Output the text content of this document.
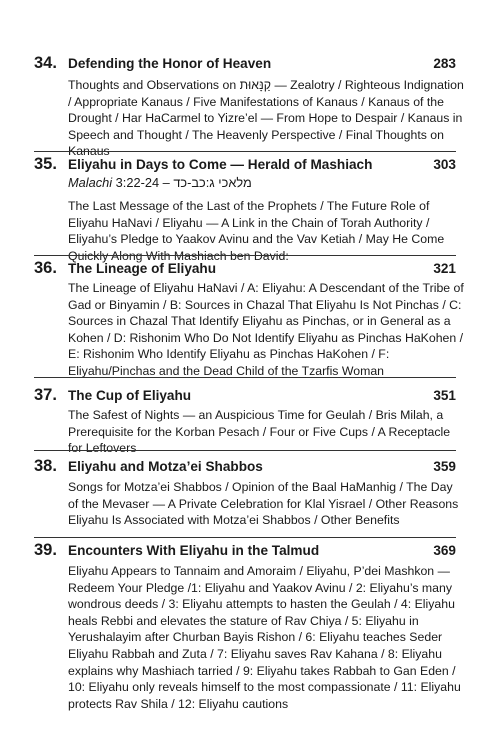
34. Defending the Honor of Heaven	283
Thoughts and Observations on קַנָּאוּת — Zealotry / Righteous Indignation / Appropriate Kanaus / Five Manifestations of Kanaus / Kanaus of the Drought / Har HaCarmel to Yizre’el — From Hope to Despair / Kanaus in Speech and Thought / The Heavenly Perspective / Final Thoughts on Kanaus
35. Eliyahu in Days to Come — Herald of Mashiach	303
Malachi 3:22-24 – מלאכי ג:כב-כד
The Last Message of the Last of the Prophets / The Future Role of Eliyahu HaNavi / Eliyahu — A Link in the Chain of Torah Authority / Eliyahu’s Pledge to Yaakov Avinu and the Vav Ketiah / May He Come Quickly Along With Mashiach ben David:
36. The Lineage of Eliyahu	321
The Lineage of Eliyahu HaNavi / A: Eliyahu: A Descendant of the Tribe of Gad or Binyamin / B: Sources in Chazal That Eliyahu Is Not Pinchas / C: Sources in Chazal That Identify Eliyahu as Pinchas, or in General as a Kohen / D: Rishonim Who Do Not Identify Eliyahu as Pinchas HaKohen / E: Rishonim Who Identify Eliyahu as Pinchas HaKohen / F: Eliyahu/Pinchas and the Dead Child of the Tzarfis Woman
37. The Cup of Eliyahu	351
The Safest of Nights — an Auspicious Time for Geulah / Bris Milah, a Prerequisite for the Korban Pesach / Four or Five Cups / A Receptacle for Leftovers
38. Eliyahu and Motza’ei Shabbos	359
Songs for Motza’ei Shabbos / Opinion of the Baal HaManhig / The Day of the Mevaser — A Private Celebration for Klal Yisrael / Other Reasons Eliyahu Is Associated with Motza’ei Shabbos / Other Benefits
39. Encounters With Eliyahu in the Talmud	369
Eliyahu Appears to Tannaim and Amoraim / Eliyahu, P’dei Mashkon — Redeem Your Pledge /1: Eliyahu and Yaakov Avinu / 2: Eliyahu’s many wondrous deeds / 3: Eliyahu attempts to hasten the Geulah / 4: Eliyahu heals Rebbi and elevates the stature of Rav Chiya / 5: Eliyahu in Yerushalayim after Churban Bayis Rishon / 6: Eliyahu teaches Seder Eliyahu Rabbah and Zuta / 7: Eliyahu saves Rav Kahana / 8: Eliyahu explains why Mashiach tarried / 9: Eliyahu takes Rabbah to Gan Eden / 10: Eliyahu only reveals himself to the most compassionate / 11: Eliyahu protects Rav Shila / 12: Eliyahu cautions
